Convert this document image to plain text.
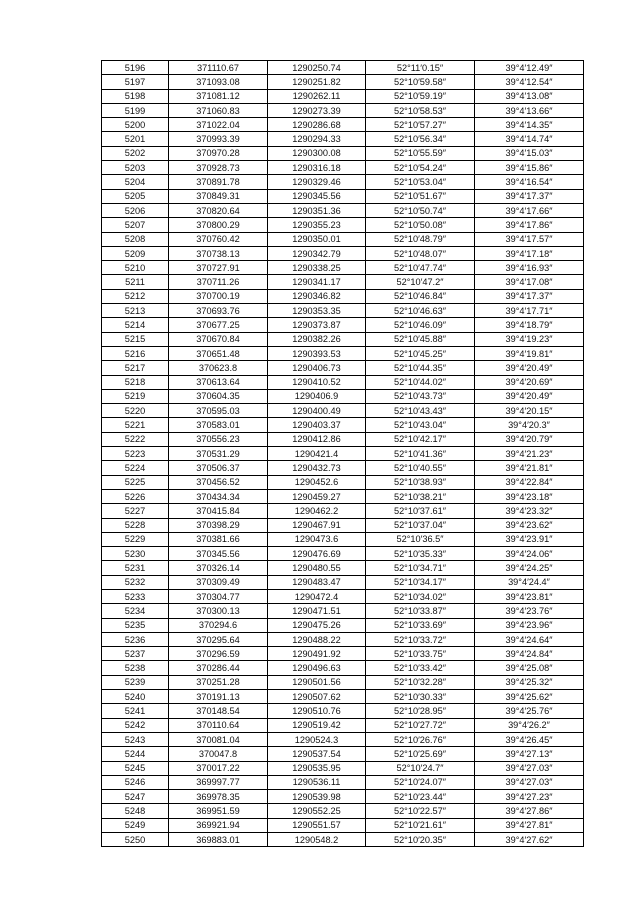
5196	371110.67	1290250.74	52°11′0.15″	39°4′12.49″
5197	371093.08	1290251.82	52°10′59.58″	39°4′12.54″
5198	371081.12	1290262.11	52°10′59.19″	39°4′13.08″
5199	371060.83	1290273.39	52°10′58.53″	39°4′13.66″
5200	371022.04	1290286.68	52°10′57.27″	39°4′14.35″
5201	370993.39	1290294.33	52°10′56.34″	39°4′14.74″
5202	370970.28	1290300.08	52°10′55.59″	39°4′15.03″
5203	370928.73	1290316.18	52°10′54.24″	39°4′15.86″
5204	370891.78	1290329.46	52°10′53.04″	39°4′16.54″
5205	370849.31	1290345.56	52°10′51.67″	39°4′17.37″
5206	370820.64	1290351.36	52°10′50.74″	39°4′17.66″
5207	370800.29	1290355.23	52°10′50.08″	39°4′17.86″
5208	370760.42	1290350.01	52°10′48.79″	39°4′17.57″
5209	370738.13	1290342.79	52°10′48.07″	39°4′17.18″
5210	370727.91	1290338.25	52°10′47.74″	39°4′16.93″
5211	370711.26	1290341.17	52°10′47.2″	39°4′17.08″
5212	370700.19	1290346.82	52°10′46.84″	39°4′17.37″
5213	370693.76	1290353.35	52°10′46.63″	39°4′17.71″
5214	370677.25	1290373.87	52°10′46.09″	39°4′18.79″
5215	370670.84	1290382.26	52°10′45.88″	39°4′19.23″
5216	370651.48	1290393.53	52°10′45.25″	39°4′19.81″
5217	370623.8	1290406.73	52°10′44.35″	39°4′20.49″
5218	370613.64	1290410.52	52°10′44.02″	39°4′20.69″
5219	370604.35	1290406.9	52°10′43.73″	39°4′20.49″
5220	370595.03	1290400.49	52°10′43.43″	39°4′20.15″
5221	370583.01	1290403.37	52°10′43.04″	39°4′20.3″
5222	370556.23	1290412.86	52°10′42.17″	39°4′20.79″
5223	370531.29	1290421.4	52°10′41.36″	39°4′21.23″
5224	370506.37	1290432.73	52°10′40.55″	39°4′21.81″
5225	370456.52	1290452.6	52°10′38.93″	39°4′22.84″
5226	370434.34	1290459.27	52°10′38.21″	39°4′23.18″
5227	370415.84	1290462.2	52°10′37.61″	39°4′23.32″
5228	370398.29	1290467.91	52°10′37.04″	39°4′23.62″
5229	370381.66	1290473.6	52°10′36.5″	39°4′23.91″
5230	370345.56	1290476.69	52°10′35.33″	39°4′24.06″
5231	370326.14	1290480.55	52°10′34.71″	39°4′24.25″
5232	370309.49	1290483.47	52°10′34.17″	39°4′24.4″
5233	370304.77	1290472.4	52°10′34.02″	39°4′23.81″
5234	370300.13	1290471.51	52°10′33.87″	39°4′23.76″
5235	370294.6	1290475.26	52°10′33.69″	39°4′23.96″
5236	370295.64	1290488.22	52°10′33.72″	39°4′24.64″
5237	370296.59	1290491.92	52°10′33.75″	39°4′24.84″
5238	370286.44	1290496.63	52°10′33.42″	39°4′25.08″
5239	370251.28	1290501.56	52°10′32.28″	39°4′25.32″
5240	370191.13	1290507.62	52°10′30.33″	39°4′25.62″
5241	370148.54	1290510.76	52°10′28.95″	39°4′25.76″
5242	370110.64	1290519.42	52°10′27.72″	39°4′26.2″
5243	370081.04	1290524.3	52°10′26.76″	39°4′26.45″
5244	370047.8	1290537.54	52°10′25.69″	39°4′27.13″
5245	370017.22	1290535.95	52°10′24.7″	39°4′27.03″
5246	369997.77	1290536.11	52°10′24.07″	39°4′27.03″
5247	369978.35	1290539.98	52°10′23.44″	39°4′27.23″
5248	369951.59	1290552.25	52°10′22.57″	39°4′27.86″
5249	369921.94	1290551.57	52°10′21.61″	39°4′27.81″
5250	369883.01	1290548.2	52°10′20.35″	39°4′27.62″
